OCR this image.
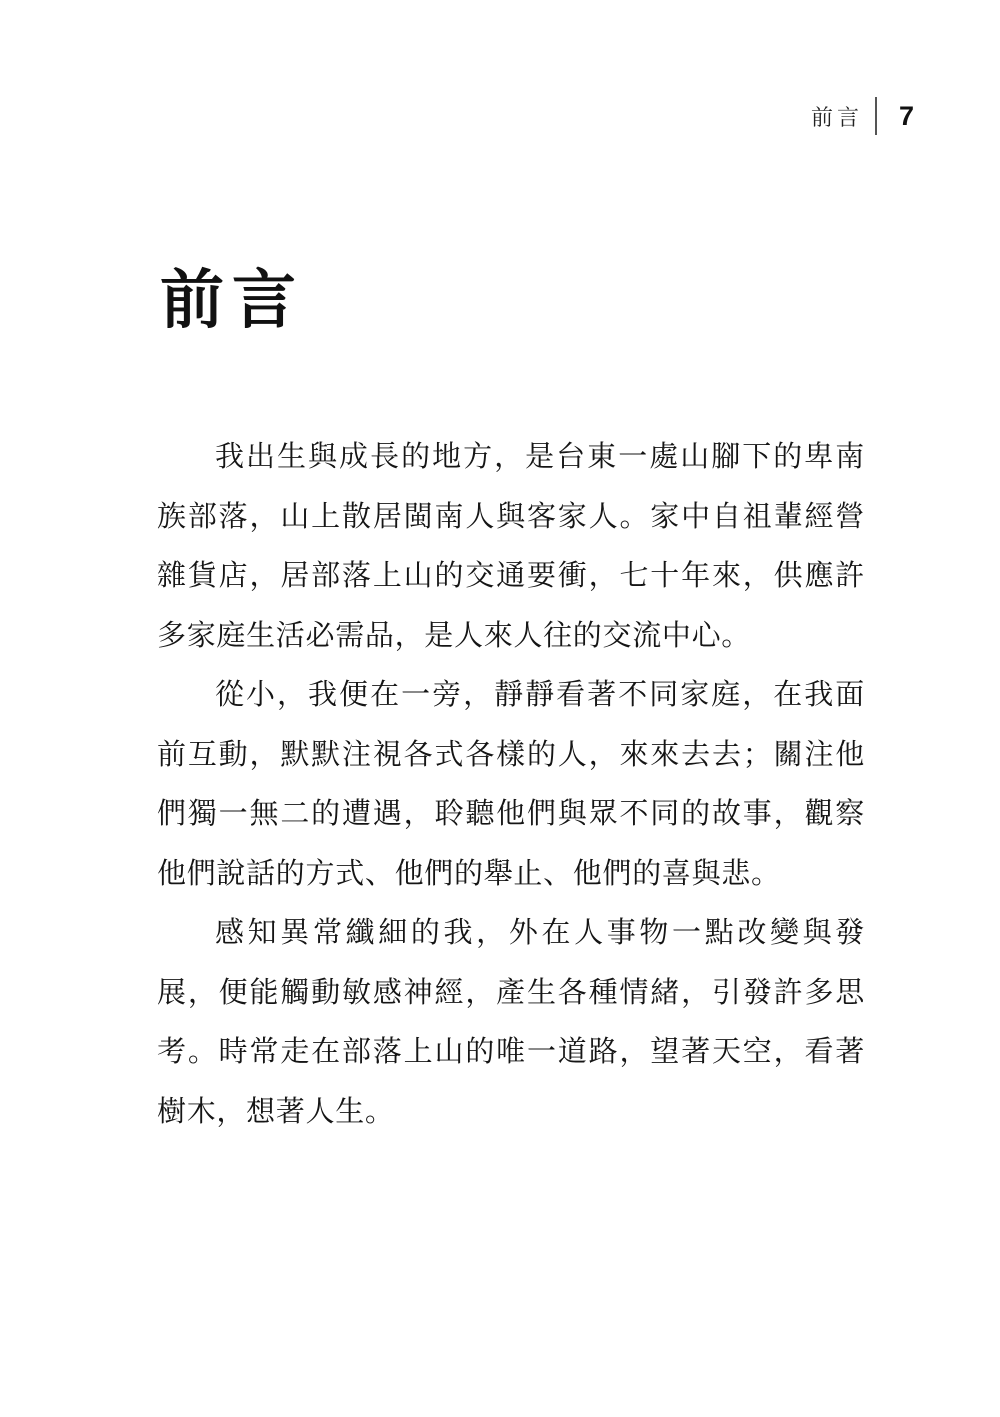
前言 7
前言

我出生與成長的地方，是台東一處山腳下的卑南族部落，山上散居閩南人與客家人。家中自祖輩經營雜貨店，居部落上山的交通要衝，七十年來，供應許多家庭生活必需品，是人來人往的交流中心。

從小，我便在一旁，靜靜看著不同家庭，在我面前互動，默默注視各式各樣的人，來來去去；關注他們獨一無二的遭遇，聆聽他們與眾不同的故事，觀察他們說話的方式、他們的舉止、他們的喜與悲。

感知異常纖細的我，外在人事物一點改變與發展，便能觸動敏感神經，產生各種情緒，引發許多思考。時常走在部落上山的唯一道路，望著天空，看著樹木，想著人生。
